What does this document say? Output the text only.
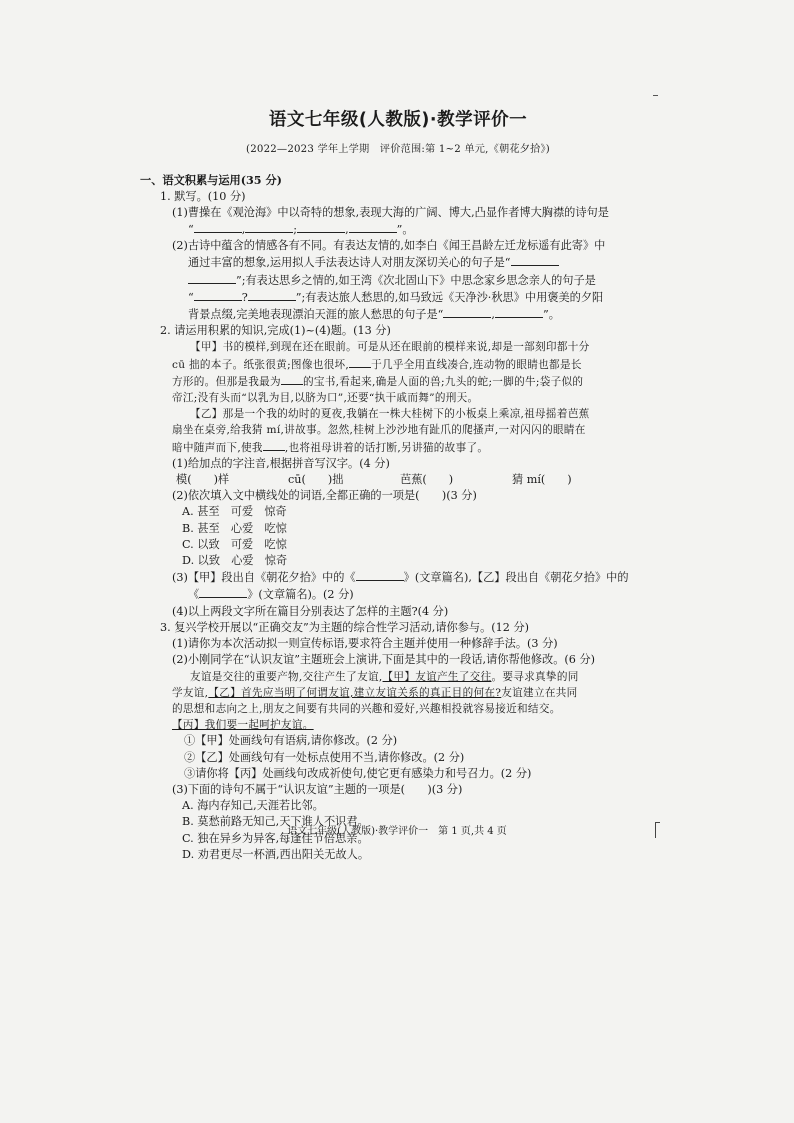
语文七年级(人教版)·教学评价一
(2022—2023 学年上学期　评价范围:第 1~2 单元,《朝花夕拾》)
一、语文积累与运用(35 分)
1. 默写。(10 分)
(1)曹操在《观沧海》中以奇特的想象,表现大海的广阔、博大,凸显作者博大胸襟的诗句是
“	,	;	,	”。
(2)古诗中蕴含的情感各有不同。有表达友情的,如李白《闻王昌龄左迁龙标遥有此寄》中
通过丰富的想象,运用拟人手法表达诗人对朋友深切关心的句子是“
”;有表达思乡之情的,如王湾《次北固山下》中思念家乡思念亲人的句子是
“	?	”;有表达旅人愁思的,如马致远《天净沙·秋思》中用褒美的夕阳
背景点缀,完美地表现漂泊天涯的旅人愁思的句子是“	,	”。
2. 请运用积累的知识,完成(1)~(4)题。(13 分)
【甲】书的模样,到现在还在眼前。可是从还在眼前的模样来说,却是一部刻印都十分
cū 拙的本子。纸张很黄;图像也很坏, 于几乎全用直线凑合,连动物的眼睛也都是长
方形的。但那是我最为 的宝书,看起来,确是人面的兽;九头的蛇;一脚的牛;袋子似的
帝江;没有头而“以乳为目,以脐为口”,还要“执干戚而舞”的刑天。
【乙】那是一个我的幼时的夏夜,我躺在一株大桂树下的小板桌上乘凉,祖母摇着芭蕉
扇坐在桌旁,给我猜 mí,讲故事。忽然,桂树上沙沙地有趾爪的爬搔声,一对闪闪的眼睛在
暗中随声而下,使我 ,也将祖母讲着的话打断,另讲猫的故事了。
(1)给加点的字注音,根据拼音写汉字。(4 分)
模( )样	cū( )拙	芭蕉( )	猜 mí( )
(2)依次填入文中横线处的词语,全都正确的一项是(　　)(3 分)
A. 甚至　可爱　惊奇
B. 甚至　心爱　吃惊
C. 以致　可爱　吃惊
D. 以致　心爱　惊奇
(3)【甲】段出自《朝花夕拾》中的《	》(文章篇名),【乙】段出自《朝花夕拾》中的
《	》(文章篇名)。(2 分)
(4)以上两段文字所在篇目分别表达了怎样的主题?(4 分)
3. 复兴学校开展以“正确交友”为主题的综合性学习活动,请你参与。(12 分)
(1)请你为本次活动拟一则宣传标语,要求符合主题并使用一种修辞手法。(3 分)
(2)小刚同学在“认识友谊”主题班会上演讲,下面是其中的一段话,请你帮他修改。(6 分)
友谊是交往的重要产物,交往产生了友谊,【甲】友谊产生了交往。要寻求真挚的同
学友谊,【乙】首先应当明了何谓友谊,建立友谊关系的真正目的何在?友谊建立在共同
的思想和志向之上,朋友之间要有共同的兴趣和爱好,兴趣相投就容易接近和结交。
【丙】我们要一起呵护友谊。
①【甲】处画线句有语病,请你修改。(2 分)
②【乙】处画线句有一处标点使用不当,请你修改。(2 分)
③请你将【丙】处画线句改成祈使句,使它更有感染力和号召力。(2 分)
(3)下面的诗句不属于“认识友谊”主题的一项是(　　)(3 分)
A. 海内存知己,天涯若比邻。
B. 莫愁前路无知己,天下谁人不识君。
C. 独在异乡为异客,每逢佳节倍思亲。
D. 劝君更尽一杯酒,西出阳关无故人。
语文七年级(人教版)·教学评价一　第 1 页,共 4 页
